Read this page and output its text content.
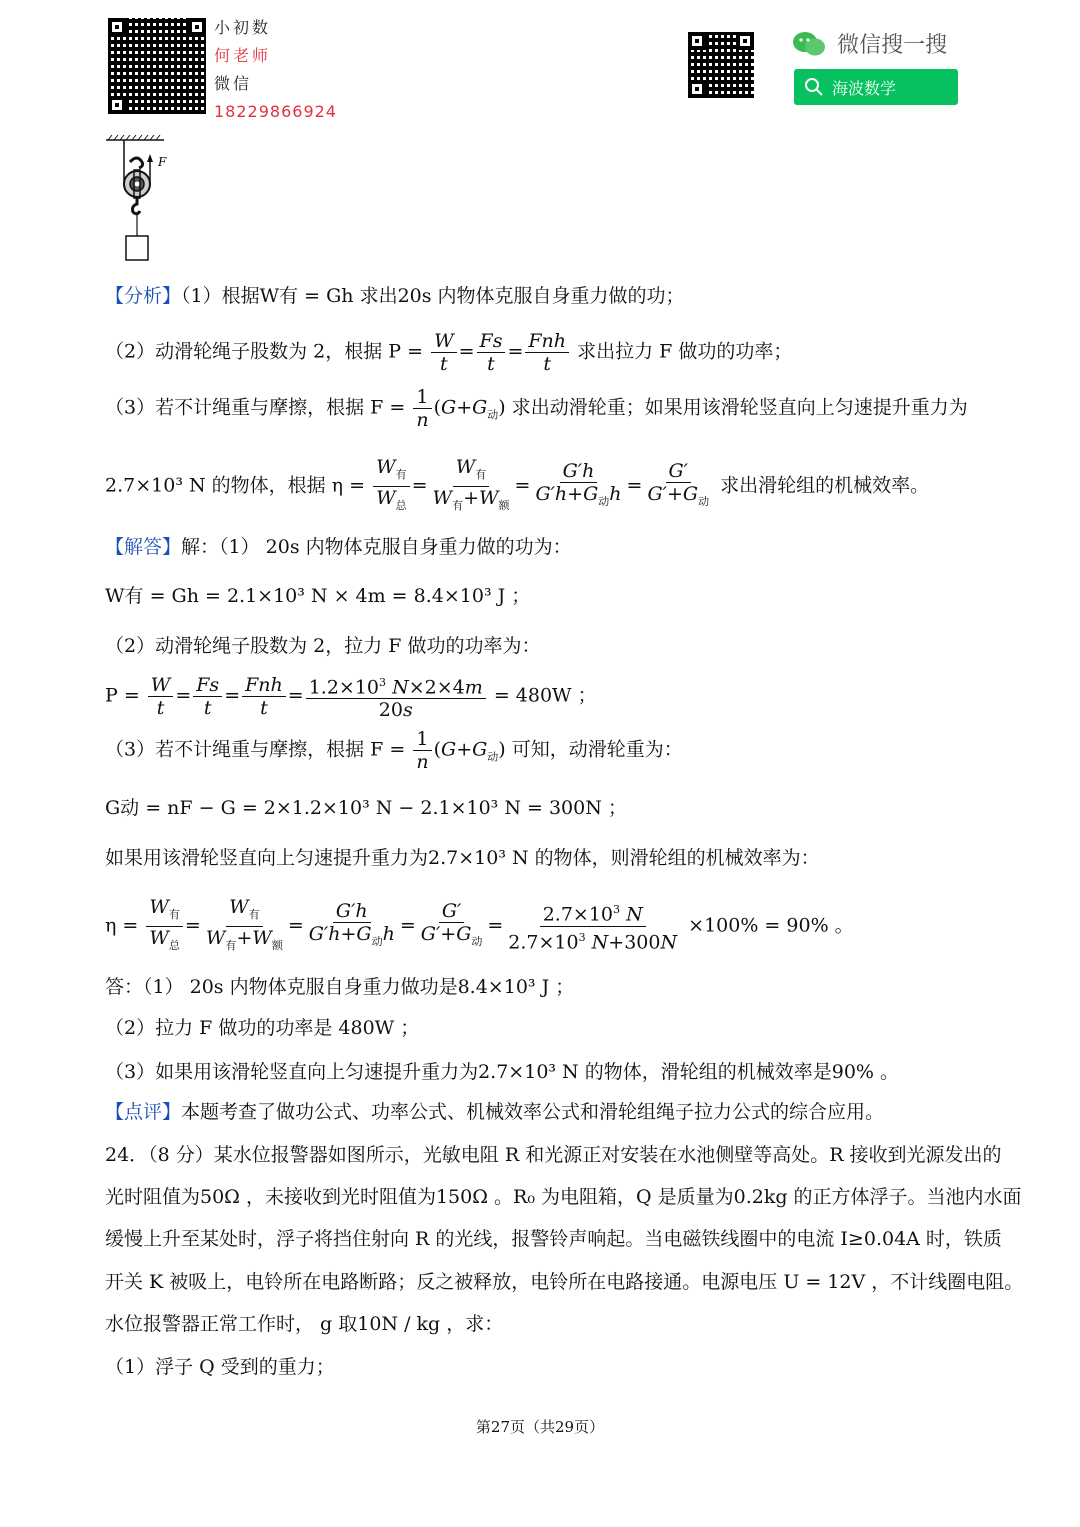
小初数
何老师
微信
18229866924
微信搜一搜
海波数学
F
【分析】（1）根据W有 = Gh 求出20s 内物体克服自身重力做的功；
（2）动滑轮绳子股数为 2，根据 $P = \frac{W}{t} = \frac{Fs}{t} = \frac{\text{Fnh}}{t}$ 求出拉力 F 做功的功率；
（3）若不计绳重与摩擦，根据 $F = \frac{1}{n} (G+G_动)$ 求出动滑轮重；如果用该滑轮竖直向上匀速提升重力为
2.7×10³ N 的物体，根据 $\eta = \frac{W_有}{W_总} = \frac{W_有}{W_有+W_额} = \frac{G'h}{G'h+G_动h} = \frac{G'}{G'+G_动}$ 求出滑轮组的机械效率。
【解答】解：（1） 20s 内物体克服自身重力做的功为：
W有 = Gh = 2.1×10³ N × 4m = 8.4×10³ J ；
（2）动滑轮绳子股数为 2，拉力 F 做功的功率为：
$P = \frac{W}{t} = \frac{Fs}{t} = \frac{\text{Fnh}}{t} = \frac{1.2\times 10^3 N\times 2\times 4m}{20s} = 480W$ ；
（3）若不计绳重与摩擦，根据 $F = \frac{1}{n} (G+G_动)$ 可知，动滑轮重为：
G动 = nF − G = 2×1.2×10³ N − 2.1×10³ N = 300N ；
如果用该滑轮竖直向上匀速提升重力为2.7×10³ N 的物体，则滑轮组的机械效率为：
$\eta = \frac{W_有}{W_总} = \frac{W_有}{W_有+W_额} = \frac{G'h}{G'h+G_动h} = \frac{G'}{G'+G_动} = \frac{2.7\times 10^3 N}{2.7\times 10^3 N+300N} \times 100\% = 90\%$ 。
答：（1） 20s 内物体克服自身重力做功是8.4×10³ J ；
（2）拉力 F 做功的功率是 480W ；
（3）如果用该滑轮竖直向上匀速提升重力为2.7×10³ N 的物体，滑轮组的机械效率是90% 。
【点评】本题考查了做功公式、功率公式、机械效率公式和滑轮组绳子拉力公式的综合应用。
24．（8 分）某水位报警器如图所示，光敏电阻 R 和光源正对安装在水池侧壁等高处。R 接收到光源发出的
光时阻值为50Ω ，未接收到光时阻值为150Ω 。R₀ 为电阻箱，Q 是质量为0.2kg 的正方体浮子。当池内水面
缓慢上升至某处时，浮子将挡住射向 R 的光线，报警铃声响起。当电磁铁线圈中的电流 I≥0.04A 时，铁质
开关 K 被吸上，电铃所在电路断路；反之被释放，电铃所在电路接通。电源电压 U = 12V ，不计线圈电阻。
水位报警器正常工作时， g 取10N / kg ，求：
（1）浮子 Q 受到的重力；
第27页（共29页）
